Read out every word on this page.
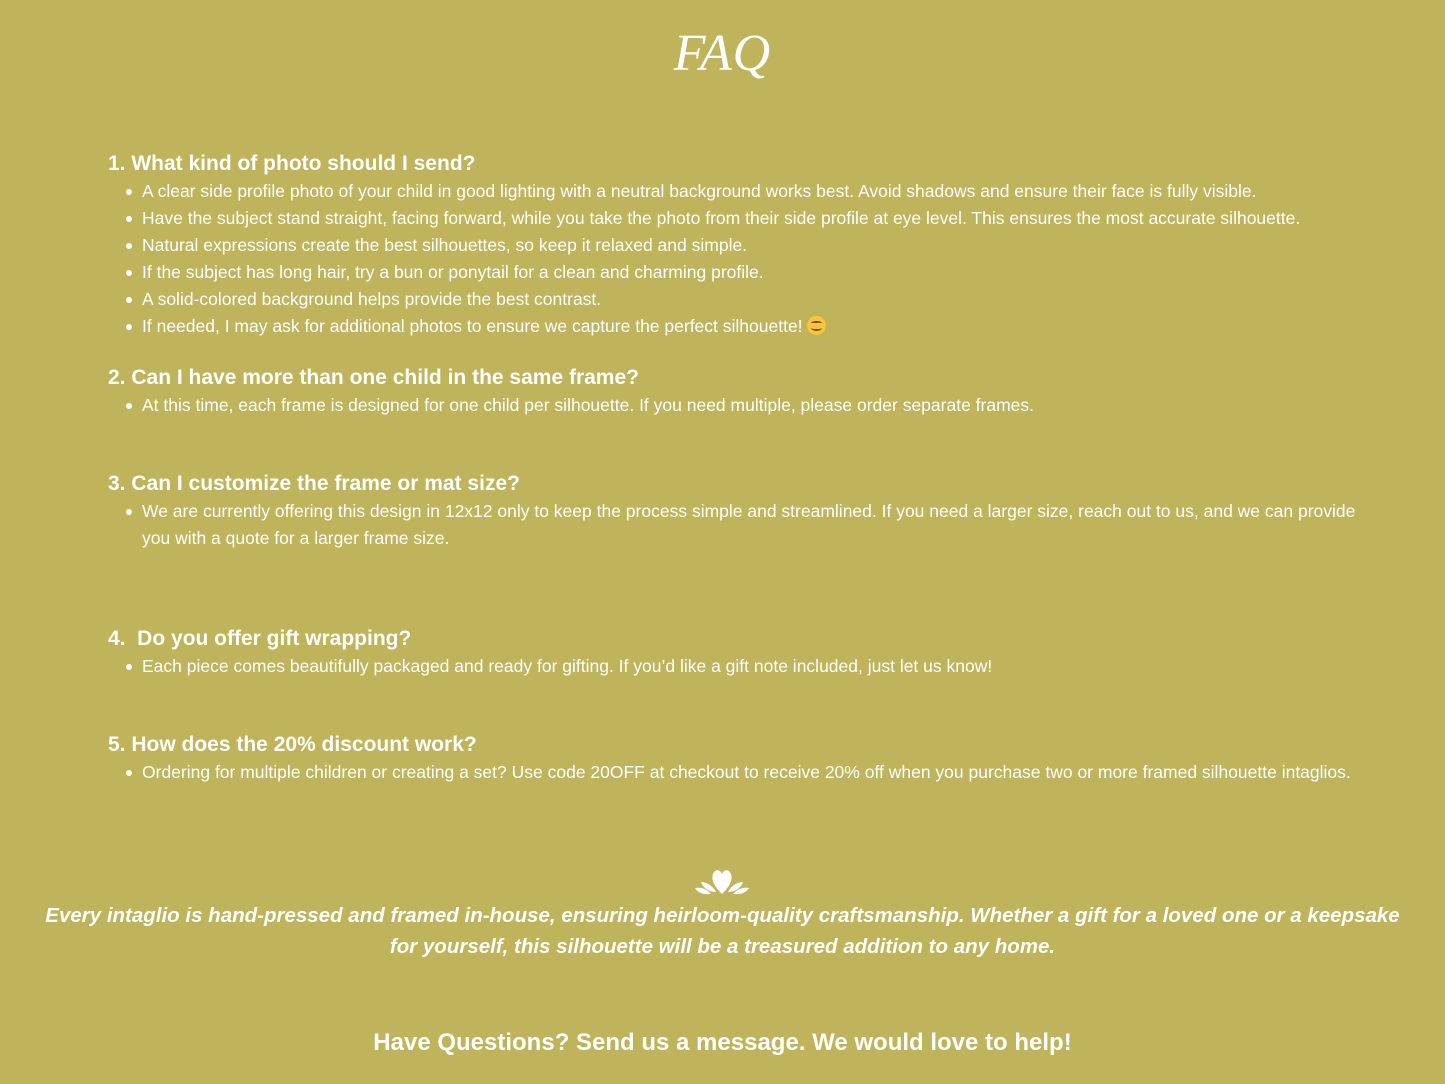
FAQ
1. What kind of photo should I send?
A clear side profile photo of your child in good lighting with a neutral background works best. Avoid shadows and ensure their face is fully visible.
Have the subject stand straight, facing forward, while you take the photo from their side profile at eye level. This ensures the most accurate silhouette.
Natural expressions create the best silhouettes, so keep it relaxed and simple.
If the subject has long hair, try a bun or ponytail for a clean and charming profile.
A solid-colored background helps provide the best contrast.
If needed, I may ask for additional photos to ensure we capture the perfect silhouette!
2. Can I have more than one child in the same frame?
At this time, each frame is designed for one child per silhouette. If you need multiple, please order separate frames.
3. Can I customize the frame or mat size?
We are currently offering this design in 12x12 only to keep the process simple and streamlined. If you need a larger size, reach out to us, and we can provide you with a quote for a larger frame size.
4.  Do you offer gift wrapping?
Each piece comes beautifully packaged and ready for gifting. If you’d like a gift note included, just let us know!
5. How does the 20% discount work?
Ordering for multiple children or creating a set? Use code 20OFF at checkout to receive 20% off when you purchase two or more framed silhouette intaglios.
Every intaglio is hand-pressed and framed in-house, ensuring heirloom-quality craftsmanship. Whether a gift for a loved one or a keepsake for yourself, this silhouette will be a treasured addition to any home.
Have Questions? Send us a message. We would love to help!
